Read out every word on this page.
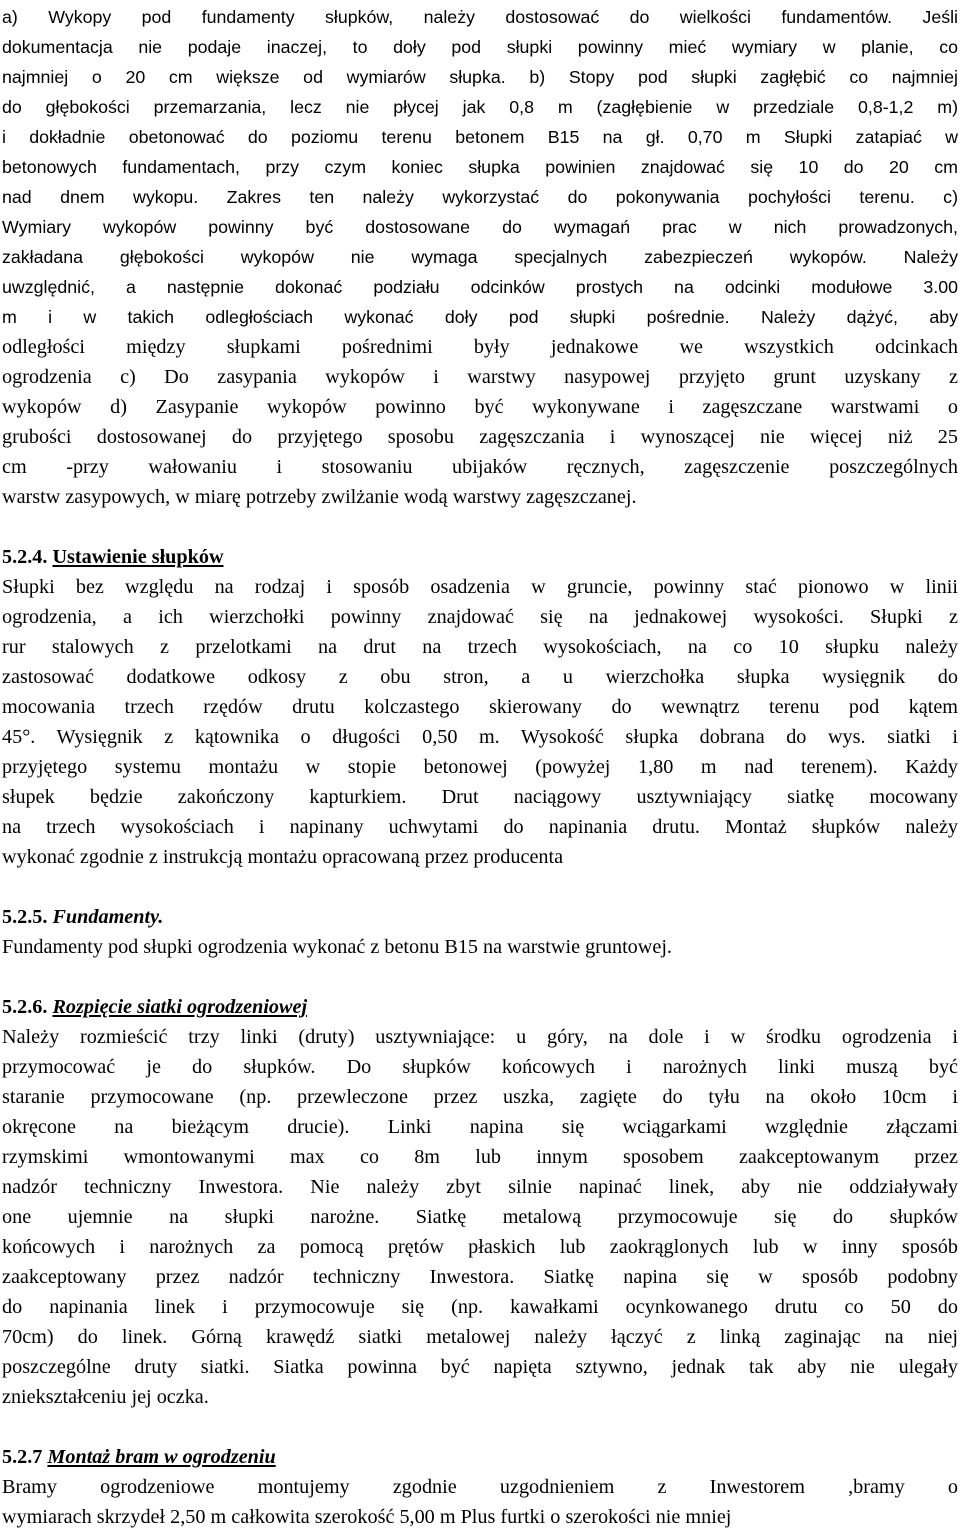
a) Wykopy pod fundamenty słupków, należy dostosować do wielkości fundamentów. Jeśli
dokumentacja nie podaje inaczej, to doły pod słupki powinny mieć wymiary w planie, co
najmniej o 20 cm większe od wymiarów słupka. b) Stopy pod słupki zagłębić co najmniej
do głębokości przemarzania, lecz nie płycej jak 0,8 m (zagłębienie w przedziale 0,8-1,2 m)
i dokładnie obetonować do poziomu terenu betonem B15 na gł. 0,70 m Słupki zatapiać w
betonowych fundamentach, przy czym koniec słupka powinien znajdować się 10 do 20 cm
nad dnem wykopu. Zakres ten należy wykorzystać do pokonywania pochyłości terenu. c)
Wymiary wykopów powinny być dostosowane do wymagań prac w nich prowadzonych,
zakładana głębokości wykopów nie wymaga specjalnych zabezpieczeń wykopów. Należy
uwzględnić, a następnie dokonać podziału odcinków prostych na odcinki modułowe 3.00
m i w takich odległościach wykonać doły pod słupki pośrednie. Należy dążyć, aby
odległości między słupkami pośrednimi były jednakowe we wszystkich odcinkach
ogrodzenia c) Do zasypania wykopów i warstwy nasypowej przyjęto grunt uzyskany z
wykopów d) Zasypanie wykopów powinno być wykonywane i zagęszczane warstwami o
grubości dostosowanej do przyjętego sposobu zagęszczania i wynoszącej nie więcej niż 25
cm -przy wałowaniu i stosowaniu ubijaków ręcznych, zagęszczenie poszczególnych
warstw zasypowych, w miarę potrzeby zwilżanie wodą warstwy zagęszczanej.
5.2.4. Ustawienie słupków
Słupki bez względu na rodzaj i sposób osadzenia w gruncie, powinny stać pionowo w linii
ogrodzenia, a ich wierzchołki powinny znajdować się na jednakowej wysokości. Słupki z
rur stalowych z przelotkami na drut na trzech wysokościach, na co 10 słupku należy
zastosować dodatkowe odkosy z obu stron, a u wierzchołka słupka wysięgnik do
mocowania trzech rzędów drutu kolczastego skierowany do wewnątrz terenu pod kątem
45°. Wysięgnik z kątownika o długości 0,50 m. Wysokość słupka dobrana do wys. siatki i
przyjętego systemu montażu w stopie betonowej (powyżej 1,80 m nad terenem). Każdy
słupek będzie zakończony kapturkiem. Drut naciągowy usztywniający siatkę mocowany
na trzech wysokościach i napinany uchwytami do napinania drutu. Montaż słupków należy
wykonać zgodnie z instrukcją montażu opracowaną przez producenta
5.2.5. Fundamenty.
Fundamenty pod słupki ogrodzenia wykonać z betonu B15 na warstwie gruntowej.
5.2.6. Rozpięcie siatki ogrodzeniowej
Należy rozmieścić trzy linki (druty) usztywniające: u góry, na dole i w środku ogrodzenia i
przymocować je do słupków. Do słupków końcowych i narożnych linki muszą być
staranie przymocowane (np. przewleczone przez uszka, zagięte do tyłu na około 10cm i
okręcone na bieżącym drucie). Linki napina się wciągarkami względnie złączami
rzymskimi wmontowanymi max co 8m lub innym sposobem zaakceptowanym przez
nadzór techniczny Inwestora. Nie należy zbyt silnie napinać linek, aby nie oddziaływały
one ujemnie na słupki narożne. Siatkę metalową przymocowuje się do słupków
końcowych i narożnych za pomocą prętów płaskich lub zaokrąglonych lub w inny sposób
zaakceptowany przez nadzór techniczny Inwestora. Siatkę napina się w sposób podobny
do napinania linek i przymocowuje się (np. kawałkami ocynkowanego drutu co 50 do
70cm) do linek. Górną krawędź siatki metalowej należy łączyć z linką zaginając na niej
poszczególne druty siatki. Siatka powinna być napięta sztywno, jednak tak aby nie ulegały
zniekształceniu jej oczka.
5.2.7 Montaż bram w ogrodzeniu
Bramy ogrodzeniowe montujemy zgodnie uzgodnieniem z Inwestorem ,bramy o
wymiarach skrzydeł 2,50 m całkowita szerokość 5,00 m Plus furtki o szerokości nie mniej
